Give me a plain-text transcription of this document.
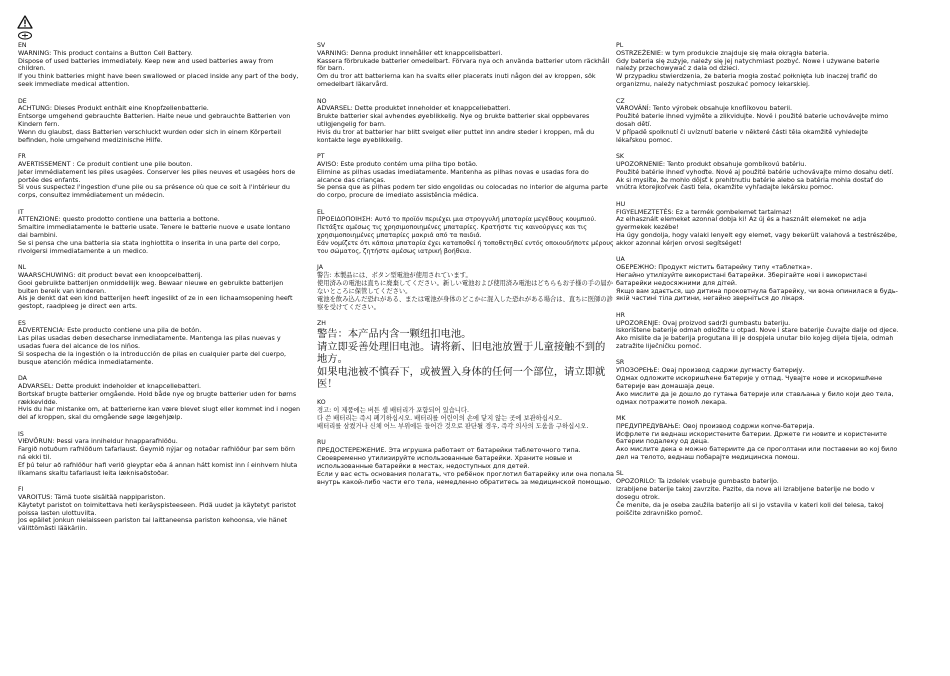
EN
WARNING: This product contains a Button Cell Battery.
Dispose of used batteries immediately. Keep new and used batteries away from children.
If you think batteries might have been swallowed or placed inside any part of the body, seek immediate medical attention.
DE
ACHTUNG: Dieses Produkt enthält eine Knopfzellenbatterie.
Entsorge umgehend gebrauchte Batterien. Halte neue und gebrauchte Batterien von Kindern fern.
Wenn du glaubst, dass Batterien verschluckt wurden oder sich in einem Körperteil befinden, hole umgehend medizinische Hilfe.
FR
AVERTISSEMENT : Ce produit contient une pile bouton.
Jeter immédiatement les piles usagées. Conserver les piles neuves et usagées hors de portée des enfants.
Si vous suspectez l'ingestion d'une pile ou sa présence où que ce soit à l'intérieur du corps, consultez immédiatement un médecin.
IT
ATTENZIONE: questo prodotto contiene una batteria a bottone.
Smaltire immediatamente le batterie usate. Tenere le batterie nuove e usate lontano dai bambini.
Se si pensa che una batteria sia stata inghiottita o inserita in una parte del corpo, rivolgersi immediatamente a un medico.
NL
WAARSCHUWING: dit product bevat een knoopcelbatterij.
Gooi gebruikte batterijen onmiddellijk weg. Bewaar nieuwe en gebruikte batterijen buiten bereik van kinderen.
Als je denkt dat een kind batterijen heeft ingeslikt of ze in een lichaamsopening heeft gestopt, raadpleeg je direct een arts.
ES
ADVERTENCIA: Este producto contiene una pila de botón.
Las pilas usadas deben desecharse inmediatamente. Mantenga las pilas nuevas y usadas fuera del alcance de los niños.
Si sospecha de la ingestión o la introducción de pilas en cualquier parte del cuerpo, busque atención médica inmediatamente.
DA
ADVARSEL: Dette produkt indeholder et knapcellebatteri.
Bortskaf brugte batterier omgående. Hold både nye og brugte batterier uden for børns rækkevidde.
Hvis du har mistanke om, at batterierne kan være blevet slugt eller kommet ind i nogen del af kroppen, skal du omgående søge lægehjælp.
IS
VIÐVÖRUN: Þessi vara inniheldur hnapparafhlöðu.
Fargið notuðum rafhlöðum tafarlaust. Geymið nýjar og notaðar rafhlöður þar sem börn ná ekki til.
Ef þú telur að rafhlöður hafi verið gleyptar eða á annan hátt komist inn í einhvern hluta líkamans skaltu tafarlaust leita læknisaðstoðar.
FI
VAROITUS: Tämä tuote sisältää nappipariston.
Käytetyt paristot on toimitettava heti keräyspisteeseen. Pidä uudet ja käytetyt paristot poissa lasten ulottuvilta.
Jos epäilet jonkun nielaisseen pariston tai laittaneensa pariston kehoonsa, vie hänet välittömästi lääkäriin.
SV
VARNING: Denna produkt innehåller ett knappcellsbatteri.
Kassera förbrukade batterier omedelbart. Förvara nya och använda batterier utom räckhåll för barn.
Om du tror att batterierna kan ha svalts eller placerats inuti någon del av kroppen, sök omedelbart läkarvård.
NO
ADVARSEL: Dette produktet inneholder et knappcellebatteri.
Brukte batterier skal avhendes øyeblikkelig. Nye og brukte batterier skal oppbevares utilgjengelig for barn.
Hvis du tror at batterier har blitt svelget eller puttet inn andre steder i kroppen, må du kontakte lege øyeblikkelig.
PT
AVISO: Este produto contém uma pilha tipo botão.
Elimine as pilhas usadas imediatamente. Mantenha as pilhas novas e usadas fora do alcance das crianças.
Se pensa que as pilhas podem ter sido engolidas ou colocadas no interior de alguma parte do corpo, procure de imediato assistência médica.
EL
ΠΡΟΕΙΔΟΠΟΙΗΣΗ: Αυτό το προϊόν περιέχει μια στρογγυλή μπαταρία μεγέθους κουμπιού.
Πετάξτε αμέσως τις χρησιμοποιημένες μπαταρίες. Κρατήστε τις καινούργιες και τις χρησιμοποιημένες μπαταρίες μακριά από τα παιδιά.
Εάν νομίζετε ότι κάποια μπαταρία έχει καταποθεί ή τοποθετηθεί εντός οποιουδήποτε μέρους του σώματος, ζητήστε αμέσως ιατρική βοήθεια.
JA
警告: 本製品には、ボタン型電池が使用されています。
使用済みの電池は直ちに廃棄してください。新しい電池および使用済み電池はどちらもお子様の手の届かないところに保管してください。
電池を飲み込んだ恐れがある、または電池が身体のどこかに混入した恐れがある場合は、直ちに医師の診察を受けてください。
ZH
警告：本产品内含一颗纽扣电池。
请立即妥善处理旧电池。请将新、旧电池放置于儿童接触不到的地方。
如果电池被不慎吞下，或被置入身体的任何一个部位，请立即就医！
KO
경고: 이 제품에는 버튼 셀 배터리가 포함되어 있습니다.
다 쓴 배터리는 즉시 폐기하십시오. 배터리를 어린이의 손에 닿지 않는 곳에 보관하십시오.
배터리를 삼켰거나 신체 어느 부위에든 들어간 것으로 판단될 경우, 즉각 의사의 도움을 구하십시오.
RU
ПРЕДОСТЕРЕЖЕНИЕ. Эта игрушка работает от батарейки таблеточного типа.
Своевременно утилизируйте использованные батарейки. Храните новые и использованные батарейки в местах, недоступных для детей.
Если у вас есть основания полагать, что ребёнок проглотил батарейку или она попала внутрь какой-либо части его тела, немедленно обратитесь за медицинской помощью.
PL
OSTRZEŻENIE: w tym produkcie znajduje się mała okrągła bateria.
Gdy bateria się zużyje, należy się jej natychmiast pozbyć. Nowe i używane baterie należy przechowywać z dala od dzieci.
W przypadku stwierdzenia, że bateria mogła zostać połknięta lub inaczej trafić do organizmu, należy natychmiast poszukać pomocy lekarskiej.
CZ
VAROVÁNÍ: Tento výrobek obsahuje knoflíkovou baterii.
Použité baterie ihned vyjměte a zlikvidujte. Nové i použité baterie uchovávejte mimo dosah dětí.
V případě spolknutí či uvíznutí baterie v některé části těla okamžitě vyhledejte lékařskou pomoc.
SK
UPOZORNENIE: Tento produkt obsahuje gombíkovú batériu.
Použité batérie ihneď vyhoďte. Nové aj použité batérie uchovávajte mimo dosahu detí.
Ak si myslíte, že mohlo dôjsť k prehltnutiu batérie alebo sa batéria mohla dostať do vnútra ktorejkoľvek časti tela, okamžite vyhľadajte lekársku pomoc.
HU
FIGYELMEZTETÉS: Ez a termék gombelemet tartalmaz!
Az elhasznált elemeket azonnal dobja ki! Az új és a használt elemeket ne adja gyermekek kezébe!
Ha úgy gondolja, hogy valaki lenyelt egy elemet, vagy bekerült valahová a testrészébe, akkor azonnal kérjen orvosi segítséget!
UA
ОБЕРЕЖНО: Продукт містить батарейку типу «таблетка».
Негайно утилізуйте використані батарейки. Зберігайте нові і використані батарейки недосяжними для дітей.
Якщо вам здається, що дитина проковтнула батарейку, чи вона опинилася в будь-якій частині тіла дитини, негайно зверніться до лікаря.
HR
UPOZORENJE: Ovaj proizvod sadrži gumbastu bateriju.
Iskorištene baterije odmah odložite u otpad. Nove i stare baterije čuvajte dalje od djece.
Ako mislite da je baterija progutana ili je dospjela unutar bilo kojeg dijela tijela, odmah zatražite liječničku pomoć.
SR
УПОЗОРЕЊЕ: Овај производ садржи дугмасту батерију.
Одмах одложите искоришћене батерије у отпад. Чувајте нове и искоришћене батерије ван домашаја деце.
Ако мислите да је дошло до гутања батерије или стављања у било који део тела, одмах потражите помоћ лекара.
MK
ПРЕДУПРЕДУВАЊЕ: Овој производ содржи копче-батерија.
Исфрлете ги веднаш искористените батерии. Држете ги новите и користените батерии подалеку од деца.
Ако мислите дека е можно батериите да се проголтани или поставени во кој било дел на телото, веднаш побарајте медицинска помош.
SL
OPOZORILO: Ta izdelek vsebuje gumbasto baterijo.
Izrabljene baterije takoj zavrzite. Pazite, da nove ali izrabljene baterije ne bodo v dosegu otrok.
Če menite, da je oseba zaužila baterijo ali si jo vstavila v kateri koli del telesa, takoj poiščite zdravniško pomoč.
